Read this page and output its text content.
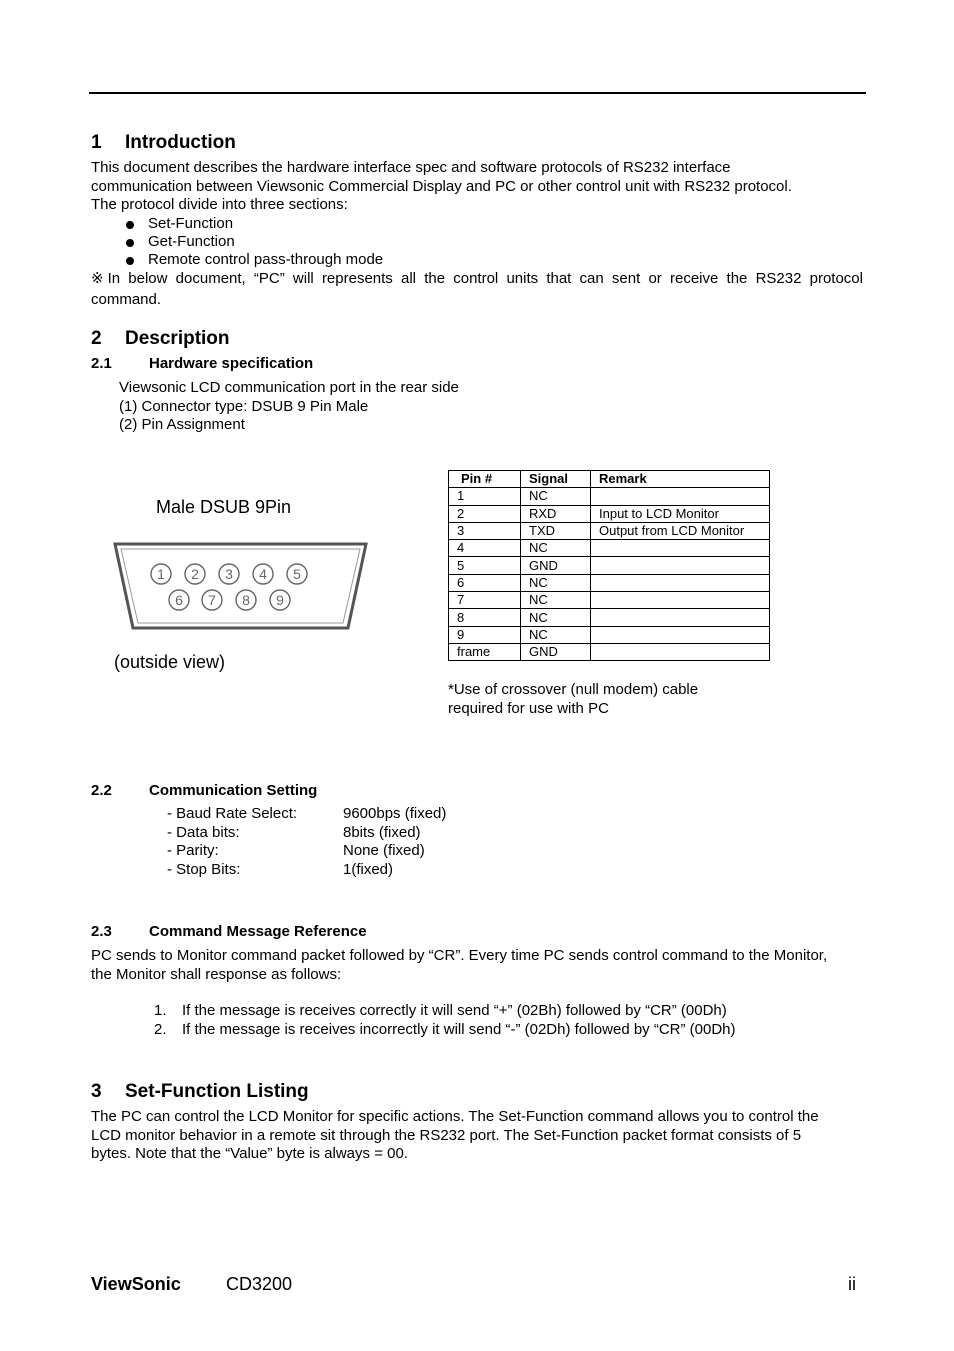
1 Introduction
This document describes the hardware interface spec and software protocols of RS232 interface
communication between Viewsonic Commercial Display and PC or other control unit with RS232 protocol.
The protocol divide into three sections:
Set-Function
Get-Function
Remote control pass-through mode
※In below document, “PC” will represents all the control units that can sent or receive the RS232 protocol
command.
2 Description
2.1 Hardware specification
Viewsonic LCD communication port in the rear side
(1) Connector type: DSUB 9 Pin Male
(2) Pin Assignment
Male DSUB 9Pin
1 2 3 4 5
6 7 8 9
(outside view)
Pin #	Signal	Remark
1	NC	
2	RXD	Input to LCD Monitor
3	TXD	Output from LCD Monitor
4	NC	
5	GND	
6	NC	
7	NC	
8	NC	
9	NC	
frame	GND	
*Use of crossover (null modem) cable
required for use with PC
2.2 Communication Setting
- Baud Rate Select:	9600bps (fixed)
- Data bits:	8bits (fixed)
- Parity:	None (fixed)
- Stop Bits:	1(fixed)
2.3 Command Message Reference
PC sends to Monitor command packet followed by “CR”. Every time PC sends control command to the Monitor,
the Monitor shall response as follows:
1.	If the message is receives correctly it will send “+” (02Bh) followed by “CR” (00Dh)
2.	If the message is receives incorrectly it will send “-” (02Dh) followed by “CR” (00Dh)
3 Set-Function Listing
The PC can control the LCD Monitor for specific actions. The Set-Function command allows you to control the
LCD monitor behavior in a remote sit through the RS232 port. The Set-Function packet format consists of 5
bytes. Note that the “Value” byte is always = 00.
ViewSonic	CD3200	ii
